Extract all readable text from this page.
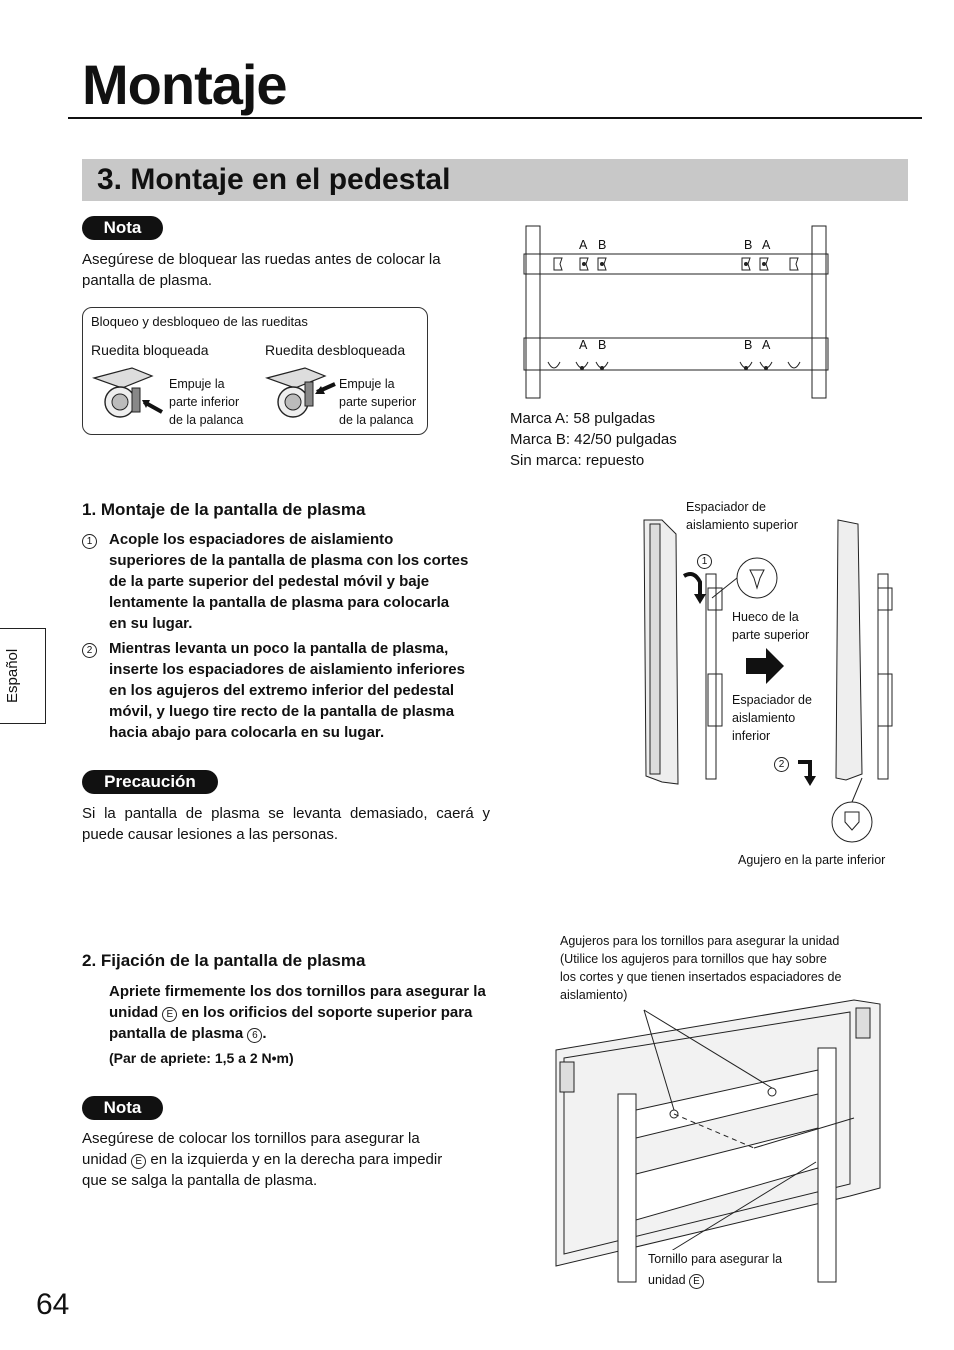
Montaje
3. Montaje en el pedestal
Español
Nota
Asegúrese de bloquear las ruedas antes de colocar la
pantalla de plasma.
Bloqueo y desbloqueo de las rueditas
Ruedita bloqueada	Ruedita desbloqueada
Empuje la
parte inferior
de la palanca
Empuje la
parte superior
de la palanca
A B	B A
A B	B A
Marca A: 58 pulgadas
Marca B: 42/50 pulgadas
Sin marca: repuesto
1. Montaje de la pantalla de plasma
1	Acople los espaciadores de aislamiento
superiores de la pantalla de plasma con los cortes
de la parte superior del pedestal móvil y baje
lentamente la pantalla de plasma para colocarla
en su lugar.
2	Mientras levanta un poco la pantalla de plasma,
inserte los espaciadores de aislamiento inferiores
en los agujeros del extremo inferior del pedestal
móvil, y luego tire recto de la pantalla de plasma
hacia abajo para colocarla en su lugar.
Espaciador de
aislamiento superior
1
Hueco de la
parte superior
Espaciador de
aislamiento
inferior
2
Agujero en la parte inferior
Precaución
Si la pantalla de plasma se levanta demasiado, caerá y
puede causar lesiones a las personas.
2. Fijación de la pantalla de plasma
Apriete firmemente los dos tornillos para asegurar la
unidad E en los orificios del soporte superior para
pantalla de plasma 6 .
(Par de apriete: 1,5 a 2 N•m)
Nota
Asegúrese de colocar los tornillos para asegurar la
unidad E en la izquierda y en la derecha para impedir
que se salga la pantalla de plasma.
Agujeros para los tornillos para asegurar la unidad
(Utilice los agujeros para tornillos que hay sobre
los cortes y que tienen insertados espaciadores de
aislamiento)
Tornillo para asegurar la
unidad E
64
